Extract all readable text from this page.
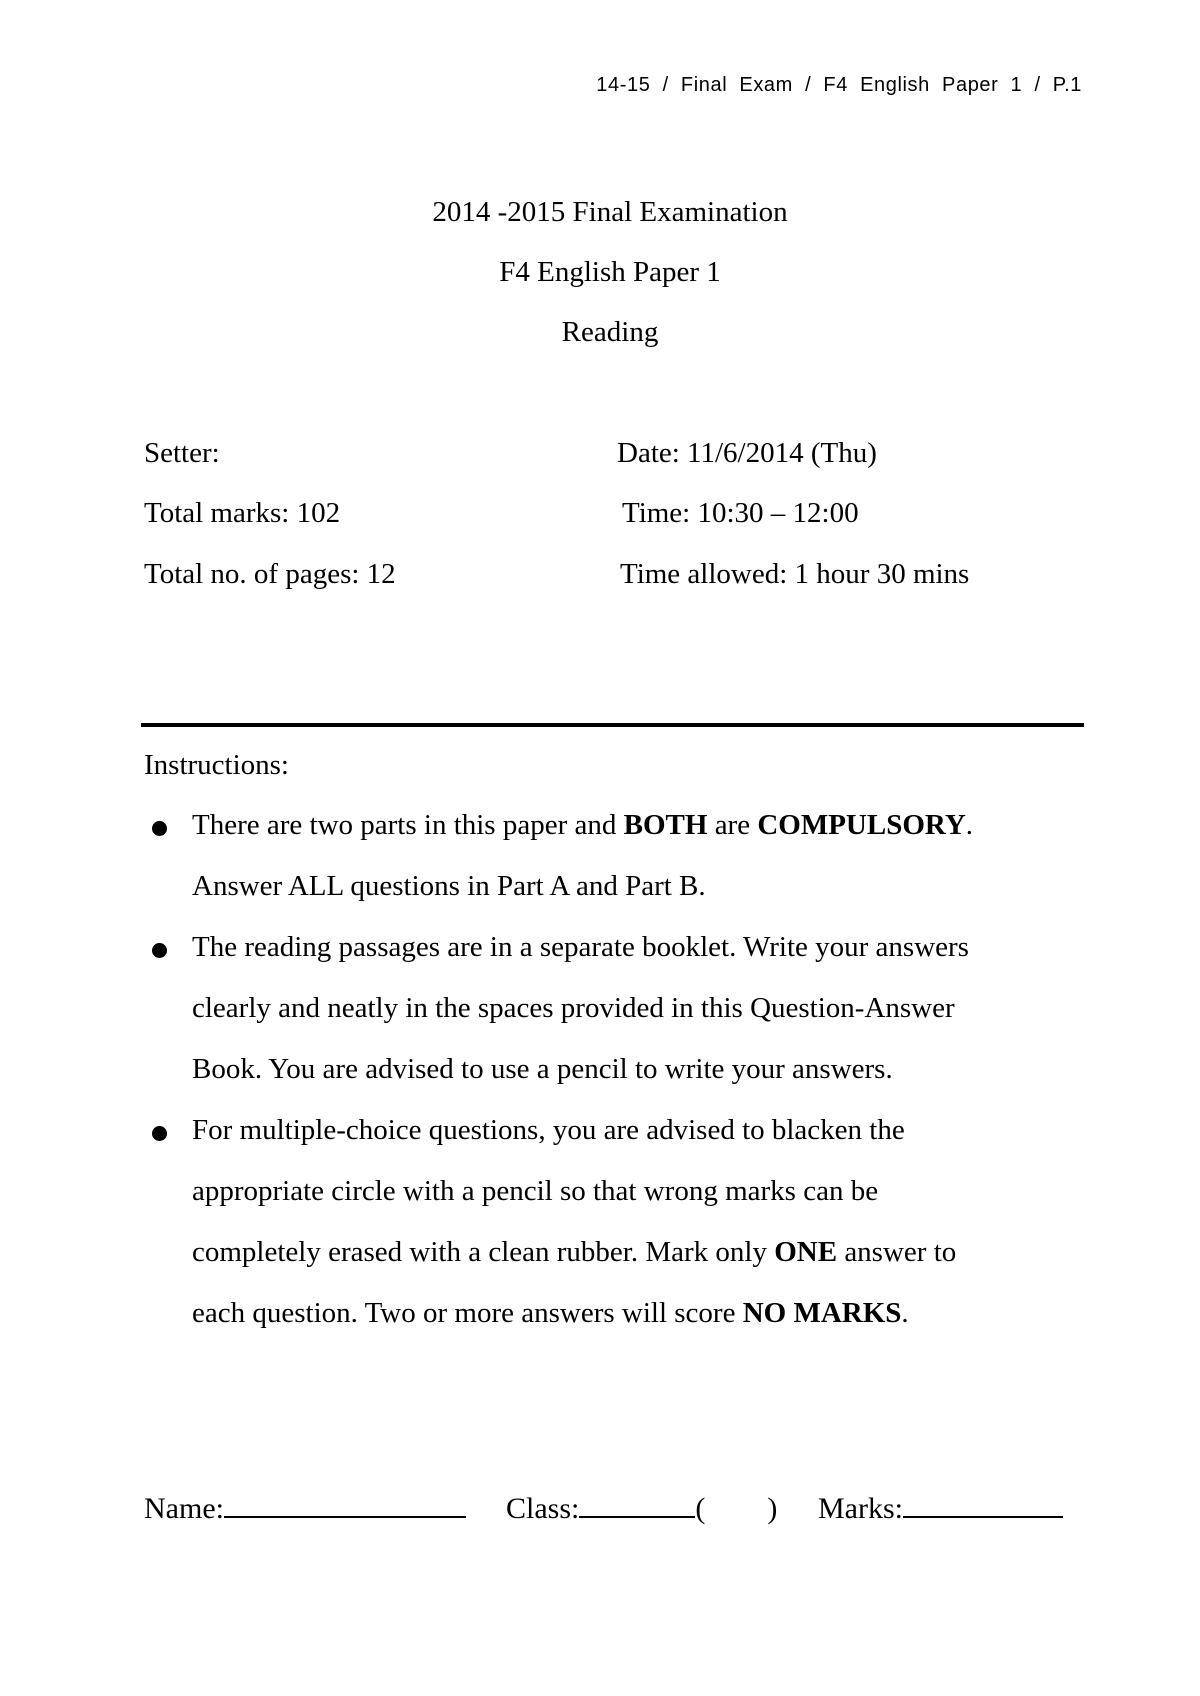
14-15 / Final Exam / F4 English Paper 1 / P.1
2014 -2015 Final Examination
F4 English Paper 1
Reading
Setter:
Total marks: 102
Total no. of pages: 12
Date: 11/6/2014 (Thu)
Time: 10:30 – 12:00
Time allowed: 1 hour 30 mins
Instructions:
There are two parts in this paper and BOTH are COMPULSORY.
Answer ALL questions in Part A and Part B.
The reading passages are in a separate booklet. Write your answers
clearly and neatly in the spaces provided in this Question-Answer
Book. You are advised to use a pencil to write your answers.
For multiple-choice questions, you are advised to blacken the
appropriate circle with a pencil so that wrong marks can be
completely erased with a clean rubber. Mark only ONE answer to
each question. Two or more answers will score NO MARKS.
Name:	Class:	( ) Marks:
